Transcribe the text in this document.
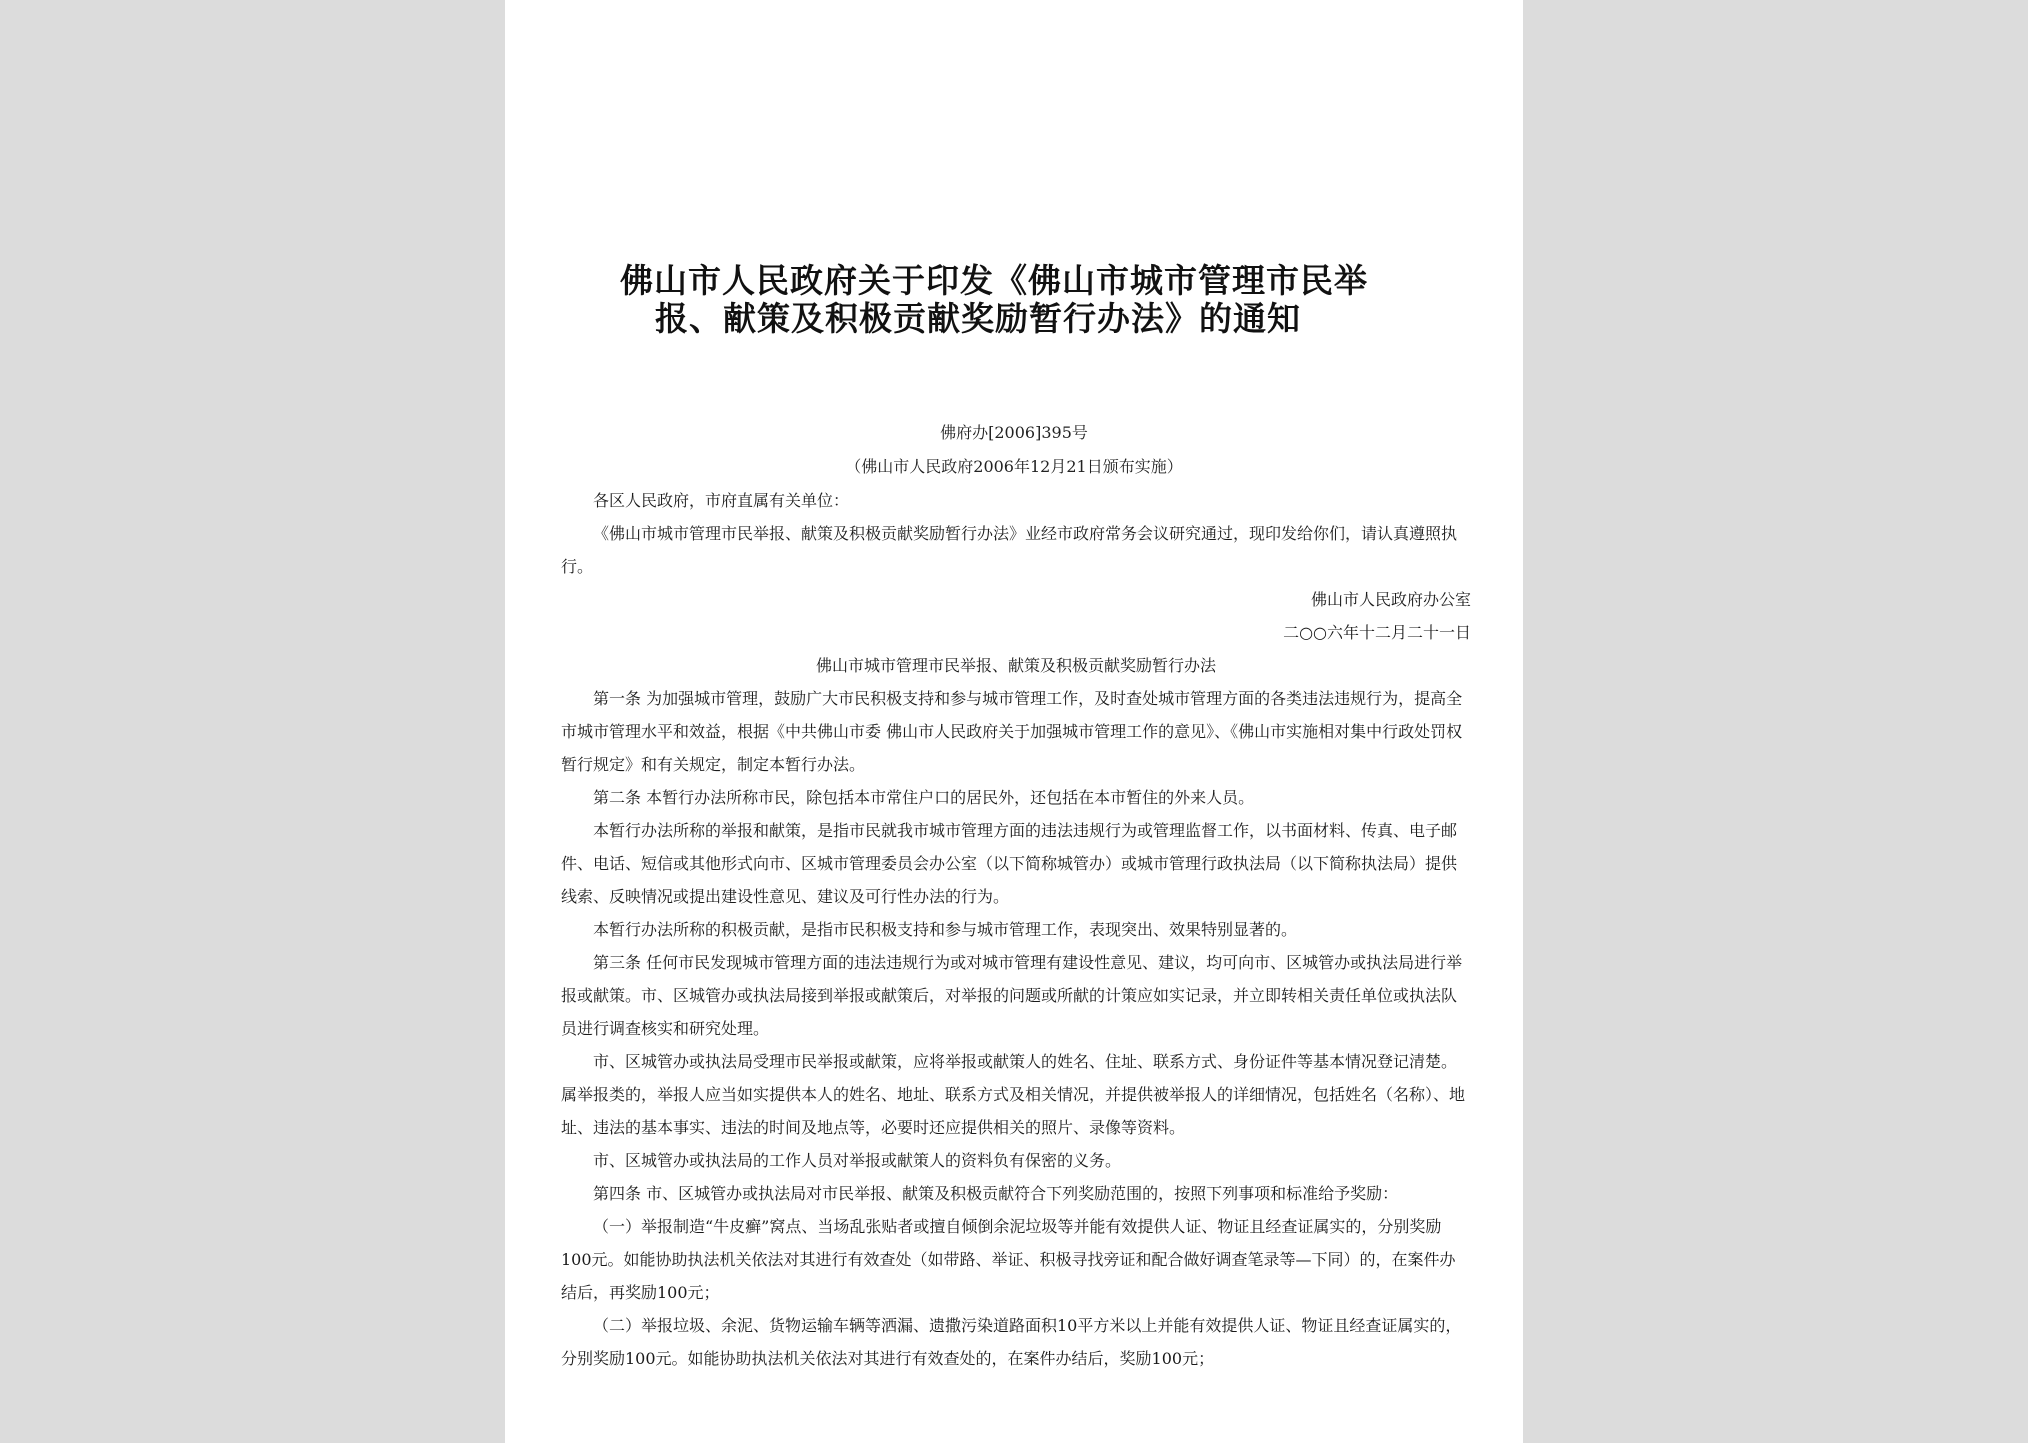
佛山市人民政府关于印发《佛山市城市管理市民举
报、献策及积极贡献奖励暂行办法》的通知
佛府办[2006]395号
（佛山市人民政府2006年12月21日颁布实施）

各区人民政府，市府直属有关单位：

《佛山市城市管理市民举报、献策及积极贡献奖励暂行办法》业经市政府常务会议研究通过，现印发给你们，请认真遵照执行。

佛山市人民政府办公室

二○○六年十二月二十一日

佛山市城市管理市民举报、献策及积极贡献奖励暂行办法

第一条 为加强城市管理，鼓励广大市民积极支持和参与城市管理工作，及时查处城市管理方面的各类违法违规行为，提高全市城市管理水平和效益，根据《中共佛山市委 佛山市人民政府关于加强城市管理工作的意见》、《佛山市实施相对集中行政处罚权暂行规定》和有关规定，制定本暂行办法。

第二条 本暂行办法所称市民，除包括本市常住户口的居民外，还包括在本市暂住的外来人员。

本暂行办法所称的举报和献策，是指市民就我市城市管理方面的违法违规行为或管理监督工作，以书面材料、传真、电子邮件、电话、短信或其他形式向市、区城市管理委员会办公室（以下简称城管办）或城市管理行政执法局（以下简称执法局）提供线索、反映情况或提出建设性意见、建议及可行性办法的行为。

本暂行办法所称的积极贡献，是指市民积极支持和参与城市管理工作，表现突出、效果特别显著的。

第三条 任何市民发现城市管理方面的违法违规行为或对城市管理有建设性意见、建议，均可向市、区城管办或执法局进行举报或献策。市、区城管办或执法局接到举报或献策后，对举报的问题或所献的计策应如实记录，并立即转相关责任单位或执法队员进行调查核实和研究处理。

市、区城管办或执法局受理市民举报或献策，应将举报或献策人的姓名、住址、联系方式、身份证件等基本情况登记清楚。属举报类的，举报人应当如实提供本人的姓名、地址、联系方式及相关情况，并提供被举报人的详细情况，包括姓名（名称）、地址、违法的基本事实、违法的时间及地点等，必要时还应提供相关的照片、录像等资料。

市、区城管办或执法局的工作人员对举报或献策人的资料负有保密的义务。

第四条 市、区城管办或执法局对市民举报、献策及积极贡献符合下列奖励范围的，按照下列事项和标准给予奖励：

（一）举报制造“牛皮癣”窝点、当场乱张贴者或擅自倾倒余泥垃圾等并能有效提供人证、物证且经查证属实的，分别奖励100元。如能协助执法机关依法对其进行有效查处（如带路、举证、积极寻找旁证和配合做好调查笔录等—下同）的，在案件办结后，再奖励100元；

（二）举报垃圾、余泥、货物运输车辆等洒漏、遗撒污染道路面积10平方米以上并能有效提供人证、物证且经查证属实的，分别奖励100元。如能协助执法机关依法对其进行有效查处的，在案件办结后，奖励100元；
